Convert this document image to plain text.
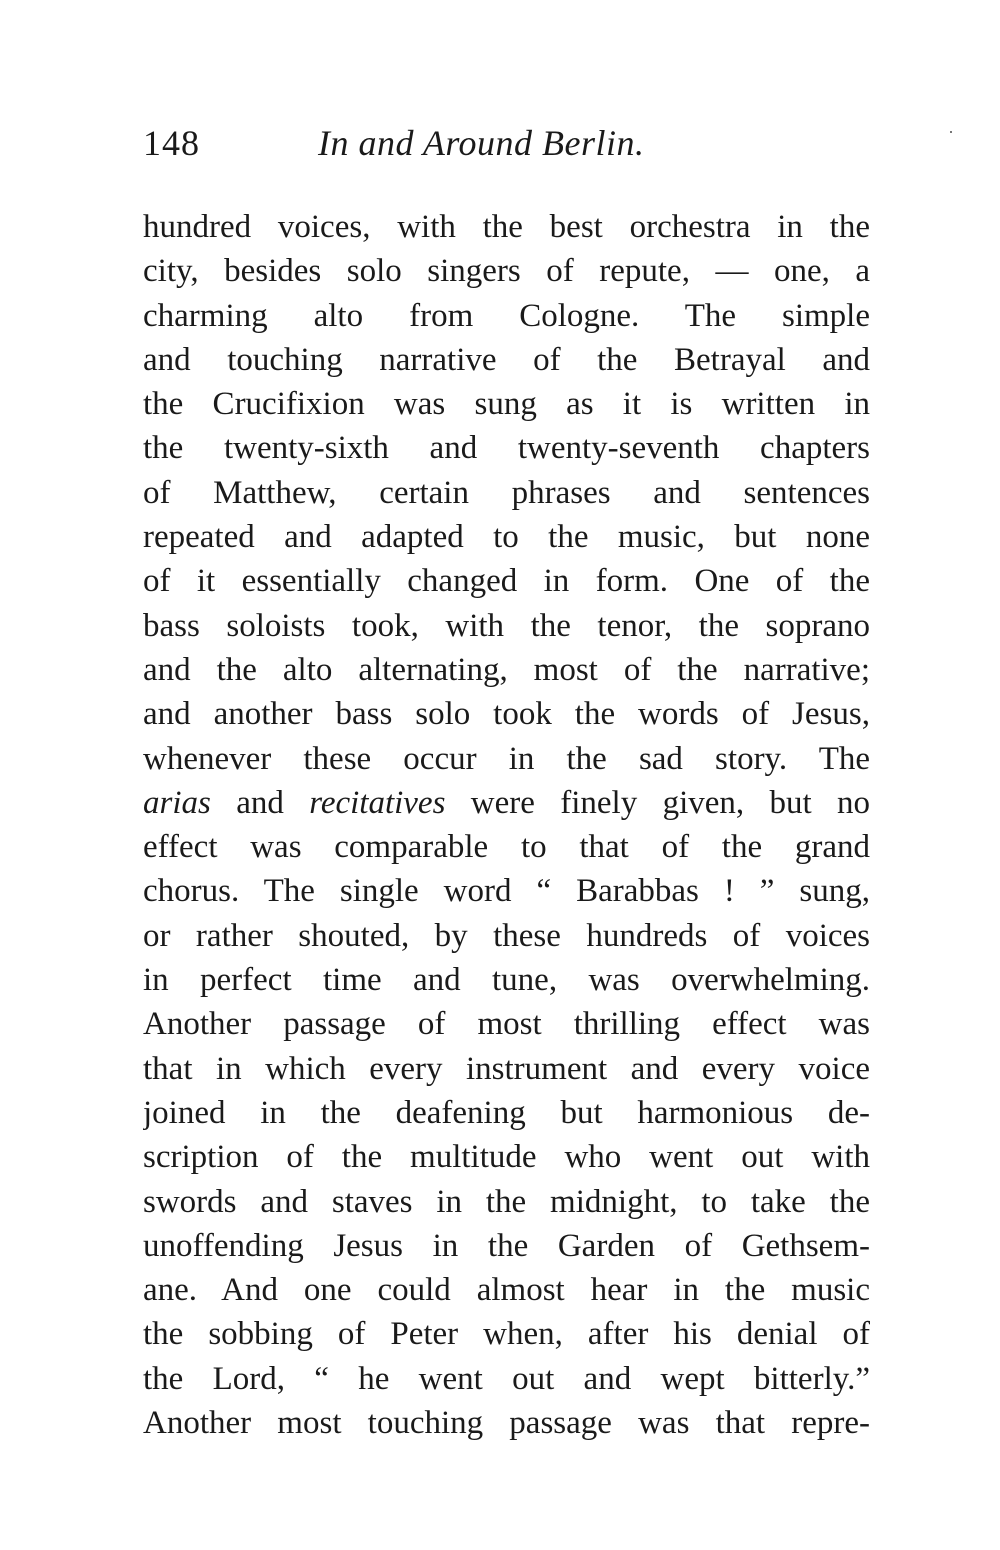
148	In and Around Berlin.
hundred voices, with the best orchestra in the
city, besides solo singers of repute, — one, a
charming alto from Cologne. The simple
and touching narrative of the Betrayal and
the Crucifixion was sung as it is written in
the twenty-sixth and twenty-seventh chapters
of Matthew, certain phrases and sentences
repeated and adapted to the music, but none
of it essentially changed in form. One of the
bass soloists took, with the tenor, the soprano
and the alto alternating, most of the narrative;
and another bass solo took the words of Jesus,
whenever these occur in the sad story. The
arias and recitatives were finely given, but no
effect was comparable to that of the grand
chorus. The single word “ Barabbas ! ” sung,
or rather shouted, by these hundreds of voices
in perfect time and tune, was overwhelming.
Another passage of most thrilling effect was
that in which every instrument and every voice
joined in the deafening but harmonious de-
scription of the multitude who went out with
swords and staves in the midnight, to take the
unoffending Jesus in the Garden of Gethsem-
ane. And one could almost hear in the music
the sobbing of Peter when, after his denial of
the Lord, “ he went out and wept bitterly.”
Another most touching passage was that repre-
